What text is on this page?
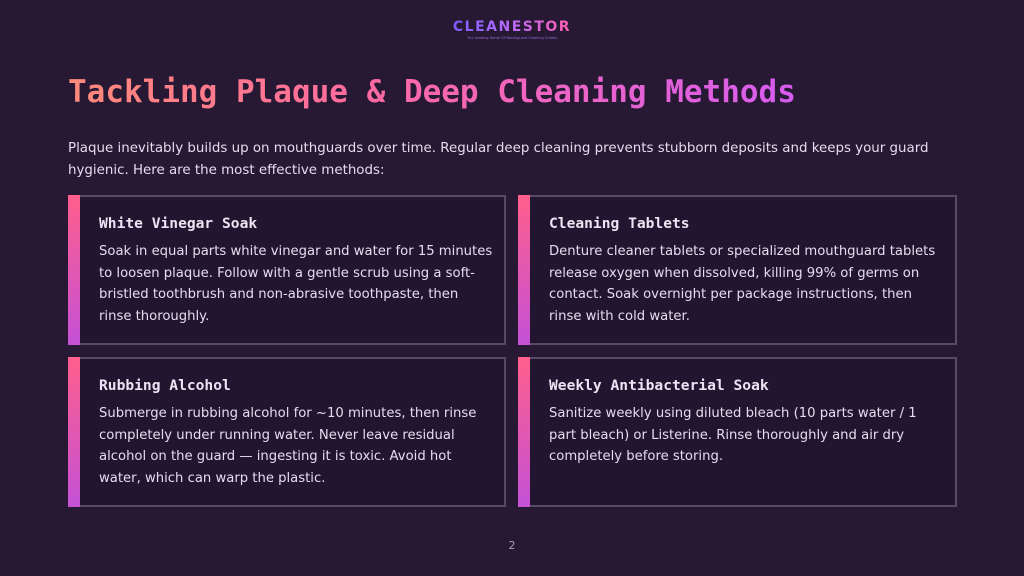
CLEANESTOR
The Leading Home Of Mouthguard Cleaning Guides
Tackling Plaque & Deep Cleaning Methods

Plaque inevitably builds up on mouthguards over time. Regular deep cleaning prevents stubborn deposits and keeps your guard hygienic. Here are the most effective methods:

White Vinegar Soak

Soak in equal parts white vinegar and water for 15 minutes to loosen plaque. Follow with a gentle scrub using a soft-bristled toothbrush and non-abrasive toothpaste, then rinse thoroughly.

Cleaning Tablets

Denture cleaner tablets or specialized mouthguard tablets release oxygen when dissolved, killing 99% of germs on contact. Soak overnight per package instructions, then rinse with cold water.

Rubbing Alcohol

Submerge in rubbing alcohol for ~10 minutes, then rinse completely under running water. Never leave residual alcohol on the guard — ingesting it is toxic. Avoid hot water, which can warp the plastic.

Weekly Antibacterial Soak

Sanitize weekly using diluted bleach (10 parts water / 1 part bleach) or Listerine. Rinse thoroughly and air dry completely before storing.

2
